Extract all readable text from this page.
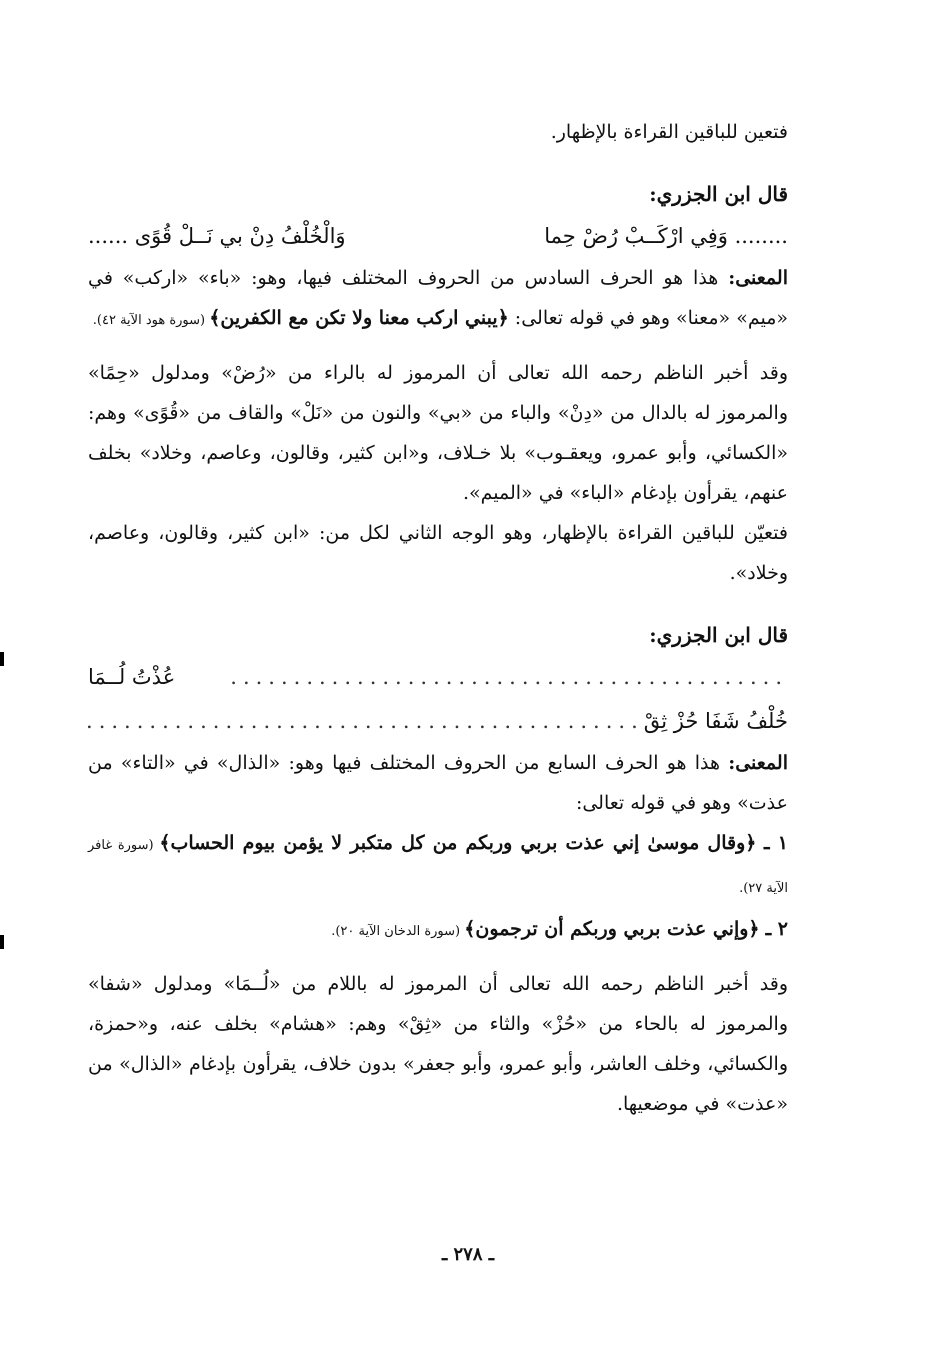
فتعين للباقين القراءة بالإظهار.

قال ابن الجزري:

........ وَفِي ارْكَــبْ رُضْ حِما
وَالْخُلْفُ دِنْ بي نَــلْ قُوًى ......

المعنى: هذا هو الحرف السادس من الحروف المختلف فيها، وهو: «باء» «اركب» في «ميم» «معنا» وهو في قوله تعالى: ﴿يبني اركب معنا ولا تكن مع الكفرين﴾ (سورة هود الآية ٤٢).

وقد أخبر الناظم رحمه الله تعالى أن المرموز له بالراء من «رُضْ» ومدلول «حِمًا» والمرموز له بالدال من «دِنْ» والباء من «بي» والنون من «نَلْ» والقاف من «قُوًى» وهم: «الكسائي، وأبو عمرو، ويعقـوب» بلا خـلاف، و«ابن كثير، وقالون، وعاصم، وخلاد» بخلف عنهم، يقرأون بإدغام «الباء» في «الميم».

فتعيّن للباقين القراءة بالإظهار، وهو الوجه الثاني لكل من: «ابن كثير، وقالون، وعاصم، وخلاد».

قال ابن الجزري:

............................................
عُذْتُ لُــمَا
خُلْفُ شَفَا حُزْ ثِقْ
............................................

المعنى: هذا هو الحرف السابع من الحروف المختلف فيها وهو: «الذال» في «التاء» من عذت» وهو في قوله تعالى:

١ ـ ﴿وقال موسىٰ إني عذت بربي وربكم من كل متكبر لا يؤمن بيوم الحساب﴾ (سورة غافر الآية ٢٧).

٢ ـ ﴿وإني عذت بربي وربكم أن ترجمون﴾ (سورة الدخان الآية ٢٠).

وقد أخبر الناظم رحمه الله تعالى أن المرموز له باللام من «لُــمَا» ومدلول «شفا» والمرموز له بالحاء من «حُزْ» والثاء من «ثِقْ» وهم: «هشام» بخلف عنه، و«حمزة، والكسائي، وخلف العاشر، وأبو عمرو، وأبو جعفر» بدون خلاف، يقرأون بإدغام «الذال» من «عذت» في موضعيها.

ـ ٢٧٨ ـ
